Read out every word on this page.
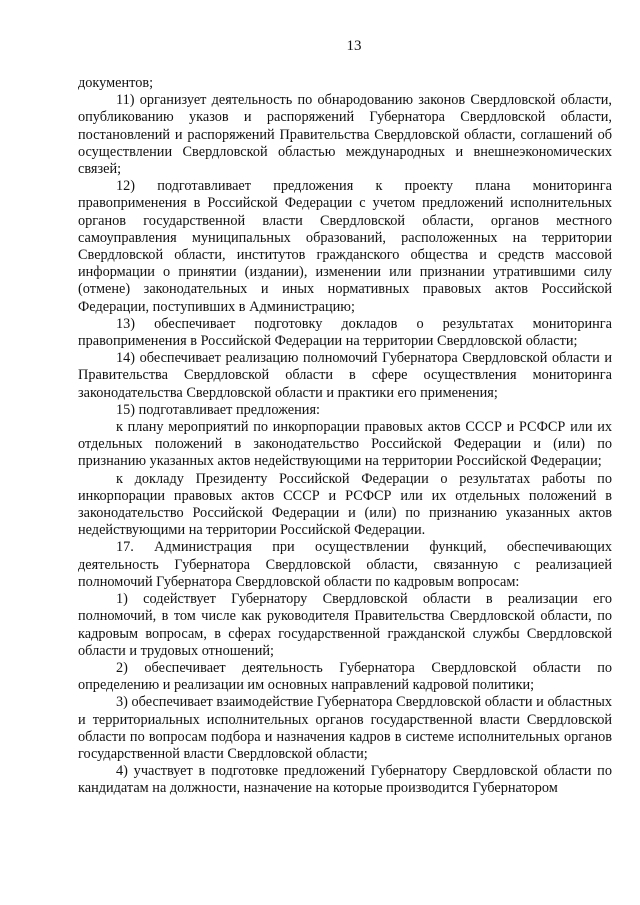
13

документов;

11) организует деятельность по обнародованию законов Свердловской области, опубликованию указов и распоряжений Губернатора Свердловской области, постановлений и распоряжений Правительства Свердловской области, соглашений об осуществлении Свердловской областью международных и внешнеэкономических связей;

12) подготавливает предложения к проекту плана мониторинга правоприменения в Российской Федерации с учетом предложений исполнительных органов государственной власти Свердловской области, органов местного самоуправления муниципальных образований, расположенных на территории Свердловской области, институтов гражданского общества и средств массовой информации о принятии (издании), изменении или признании утратившими силу (отмене) законодательных и иных нормативных правовых актов Российской Федерации, поступивших в Администрацию;

13) обеспечивает подготовку докладов о результатах мониторинга правоприменения в Российской Федерации на территории Свердловской области;

14) обеспечивает реализацию полномочий Губернатора Свердловской области и Правительства Свердловской области в сфере осуществления мониторинга законодательства Свердловской области и практики его применения;

15) подготавливает предложения:

к плану мероприятий по инкорпорации правовых актов СССР и РСФСР или их отдельных положений в законодательство Российской Федерации и (или) по признанию указанных актов недействующими на территории Российской Федерации;

к докладу Президенту Российской Федерации о результатах работы по инкорпорации правовых актов СССР и РСФСР или их отдельных положений в законодательство Российской Федерации и (или) по признанию указанных актов недействующими на территории Российской Федерации.

17. Администрация при осуществлении функций, обеспечивающих деятельность Губернатора Свердловской области, связанную с реализацией полномочий Губернатора Свердловской области по кадровым вопросам:

1) содействует Губернатору Свердловской области в реализации его полномочий, в том числе как руководителя Правительства Свердловской области, по кадровым вопросам, в сферах государственной гражданской службы Свердловской области и трудовых отношений;

2) обеспечивает деятельность Губернатора Свердловской области по определению и реализации им основных направлений кадровой политики;

3) обеспечивает взаимодействие Губернатора Свердловской области и областных и территориальных исполнительных органов государственной власти Свердловской области по вопросам подбора и назначения кадров в системе исполнительных органов государственной власти Свердловской области;

4) участвует в подготовке предложений Губернатору Свердловской области по кандидатам на должности, назначение на которые производится Губернатором
